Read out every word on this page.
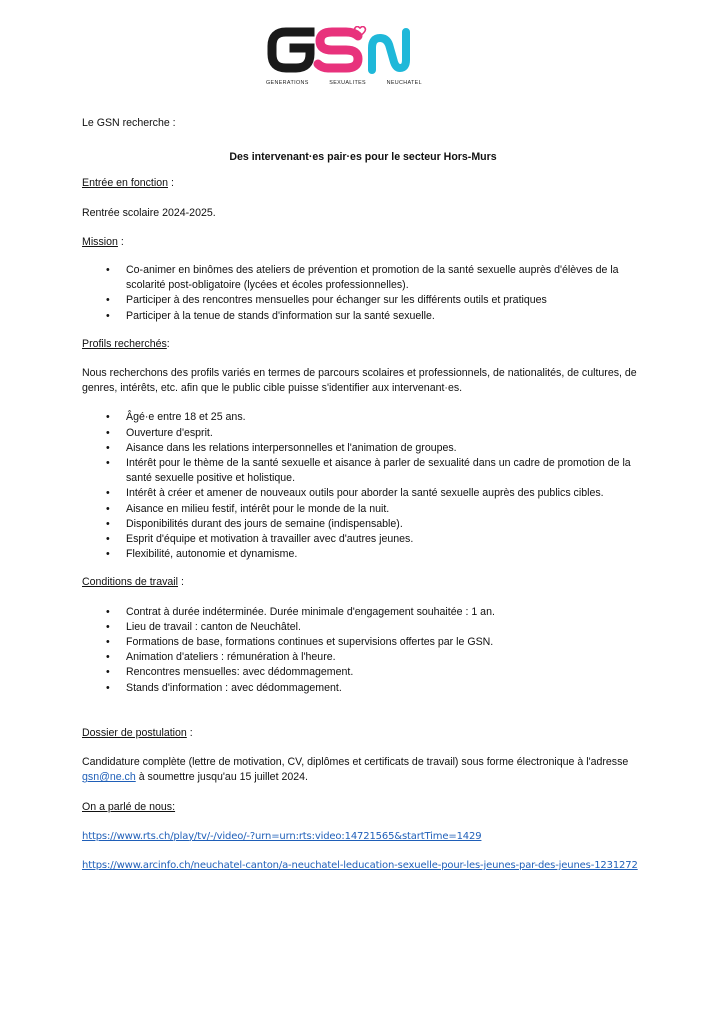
GENERATIONS	SEXUALITES	NEUCHATEL

Le GSN recherche :

Des intervenant·es pair·es pour le secteur Hors-Murs

Entrée en fonction :

Rentrée scolaire 2024-2025.

Mission :

• Co-animer en binômes des ateliers de prévention et promotion de la santé sexuelle auprès d'élèves de la scolarité post-obligatoire (lycées et écoles professionnelles).
• Participer à des rencontres mensuelles pour échanger sur les différents outils et pratiques
• Participer à la tenue de stands d'information sur la santé sexuelle.

Profils recherchés:

Nous recherchons des profils variés en termes de parcours scolaires et professionnels, de nationalités, de cultures, de genres, intérêts, etc. afin que le public cible puisse s'identifier aux intervenant·es.

• Âgé·e entre 18 et 25 ans.
• Ouverture d'esprit.
• Aisance dans les relations interpersonnelles et l'animation de groupes.
• Intérêt pour le thème de la santé sexuelle et aisance à parler de sexualité dans un cadre de promotion de la santé sexuelle positive et holistique.
• Intérêt à créer et amener de nouveaux outils pour aborder la santé sexuelle auprès des publics cibles.
• Aisance en milieu festif, intérêt pour le monde de la nuit.
• Disponibilités durant des jours de semaine (indispensable).
• Esprit d'équipe et motivation à travailler avec d'autres jeunes.
• Flexibilité, autonomie et dynamisme.

Conditions de travail :

• Contrat à durée indéterminée. Durée minimale d'engagement souhaitée : 1 an.
• Lieu de travail : canton de Neuchâtel.
• Formations de base, formations continues et supervisions offertes par le GSN.
• Animation d'ateliers : rémunération à l'heure.
• Rencontres mensuelles: avec dédommagement.
• Stands d'information : avec dédommagement.

Dossier de postulation :

Candidature complète (lettre de motivation, CV, diplômes et certificats de travail) sous forme électronique à l'adresse gsn@ne.ch à soumettre jusqu'au 15 juillet 2024.

On a parlé de nous:

https://www.rts.ch/play/tv/-/video/-?urn=urn:rts:video:14721565&startTime=1429

https://www.arcinfo.ch/neuchatel-canton/a-neuchatel-leducation-sexuelle-pour-les-jeunes-par-des-jeunes-1231272
